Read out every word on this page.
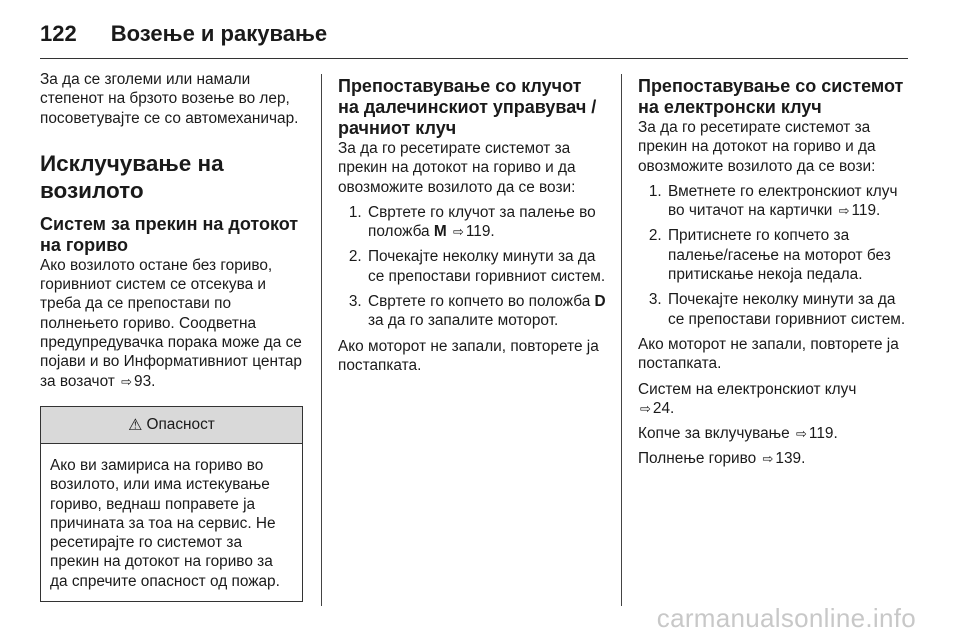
122 Возење и ракување

За да се зголеми или намали степенот на брзото возење во лер, посоветувајте се со автомеханичар.

Исклучување на возилото
Систем за прекин на дотокот на гориво

Ако возилото остане без гориво, горивниот систем се отсекува и треба да се препостави по полнењето гориво. Соодветна предупредувачка порака може да се појави и во Информативниот центар за возачот ⇨ 93.

⚠ Опасност
Ако ви замириса на гориво во возилото, или има истекување гориво, веднаш поправете ја причината за тоа на сервис. Не ресетирајте го системот за прекин на дотокот на гориво за да спречите опасност од пожар.
Препоставување со клучот на далечинскиот управувач / рачниот клуч

За да го ресетирате системот за прекин на дотокот на гориво и да овозможите возилото да се вози:

1. Свртете го клучот за палење во положба M ⇨ 119.
2. Почекајте неколку минути за да се препостави горивниот систем.
3. Свртете го копчето во положба D за да го запалите моторот.

Ако моторот не запали, повторете ја постапката.

Препоставување со системот на електронски клуч

За да го ресетирате системот за прекин на дотокот на гориво и да овозможите возилото да се вози:

1. Вметнете го електронскиот клуч во читачот на картички ⇨ 119.
2. Притиснете го копчето за палење/гасење на моторот без притискање некоја педала.
3. Почекајте неколку минути за да се препостави горивниот систем.

Ако моторот не запали, повторете ја постапката.

Систем на електронскиот клуч
⇨ 24.

Копче за вклучување ⇨ 119.

Полнење гориво ⇨ 139.

carmanualsonline.info
